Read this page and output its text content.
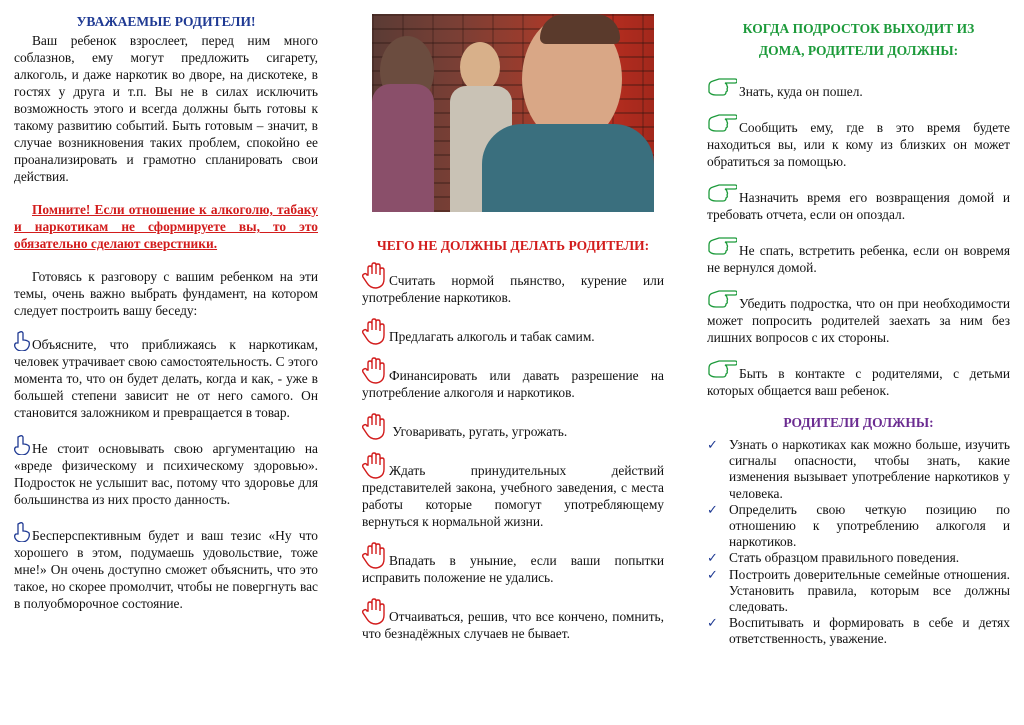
УВАЖАЕМЫЕ РОДИТЕЛИ!

Ваш ребенок взрослеет, перед ним много соблазнов, ему могут предложить сигарету, алкоголь, и даже наркотик во дворе, на дискотеке, в гостях у друга и т.п. Вы не в силах исключить возможность этого и всегда должны быть готовы к такому развитию событий. Быть готовым – значит, в случае возникновения таких проблем, спокойно ее проанализировать и грамотно спланировать свои действия.

Помните! Если отношение к алкоголю, табаку и наркотикам не сформируете вы, то это обязательно сделают сверстники.

Готовясь к разговору с вашим ребенком на эти темы, очень важно выбрать фундамент, на котором следует построить вашу беседу:

Объясните, что приближаясь к наркотикам, человек утрачивает свою самостоятельность. С этого момента то, что он будет делать, когда и как, - уже в большей степени зависит не от него самого. Он становится заложником и превращается в товар.

Не стоит основывать свою аргументацию на «вреде физическому и психическому здоровью». Подросток не услышит вас, потому что здоровье для большинства из них просто данность.

Бесперспективным будет и ваш тезис «Ну что хорошего в этом, подумаешь удовольствие, тоже мне!» Он очень доступно сможет объяснить, что это такое, но скорее промолчит, чтобы не повергнуть вас в полуобморочное состояние.

ЧЕГО НЕ ДОЛЖНЫ ДЕЛАТЬ РОДИТЕЛИ:

Считать нормой пьянство, курение или употребление наркотиков.

Предлагать алкоголь и табак самим.

Финансировать или давать разрешение на употребление алкоголя и наркотиков.

Уговаривать, ругать, угрожать.

Ждать принудительных действий представителей закона, учебного заведения, с места работы которые помогут употребляющему вернуться к нормальной жизни.

Впадать в уныние, если ваши попытки исправить положение не удались.

Отчаиваться, решив, что все кончено, помнить, что безнадёжных случаев не бывает.

КОГДА ПОДРОСТОК ВЫХОДИТ ИЗ
ДОМА, РОДИТЕЛИ ДОЛЖНЫ:

Знать, куда он пошел.

Сообщить ему, где в это время будете находиться вы, или к кому из близких он может обратиться за помощью.

Назначить время его возвращения домой и требовать отчета, если он опоздал.

Не спать, встретить ребенка, если он вовремя не вернулся домой.

Убедить подростка, что он при необходимости может попросить родителей заехать за ним без лишних вопросов с их стороны.

Быть в контакте с родителями, с детьми которых общается ваш ребенок.

РОДИТЕЛИ ДОЛЖНЫ:
✓ Узнать о наркотиках как можно больше, изучить сигналы опасности, чтобы знать, какие изменения вызывает употребление наркотиков у человека.
✓ Определить свою четкую позицию по отношению к употреблению алкоголя и наркотиков.
✓ Стать образцом правильного поведения.
✓ Построить доверительные семейные отношения. Установить правила, которым все должны следовать.
✓ Воспитывать и формировать в себе и детях ответственность, уважение.
